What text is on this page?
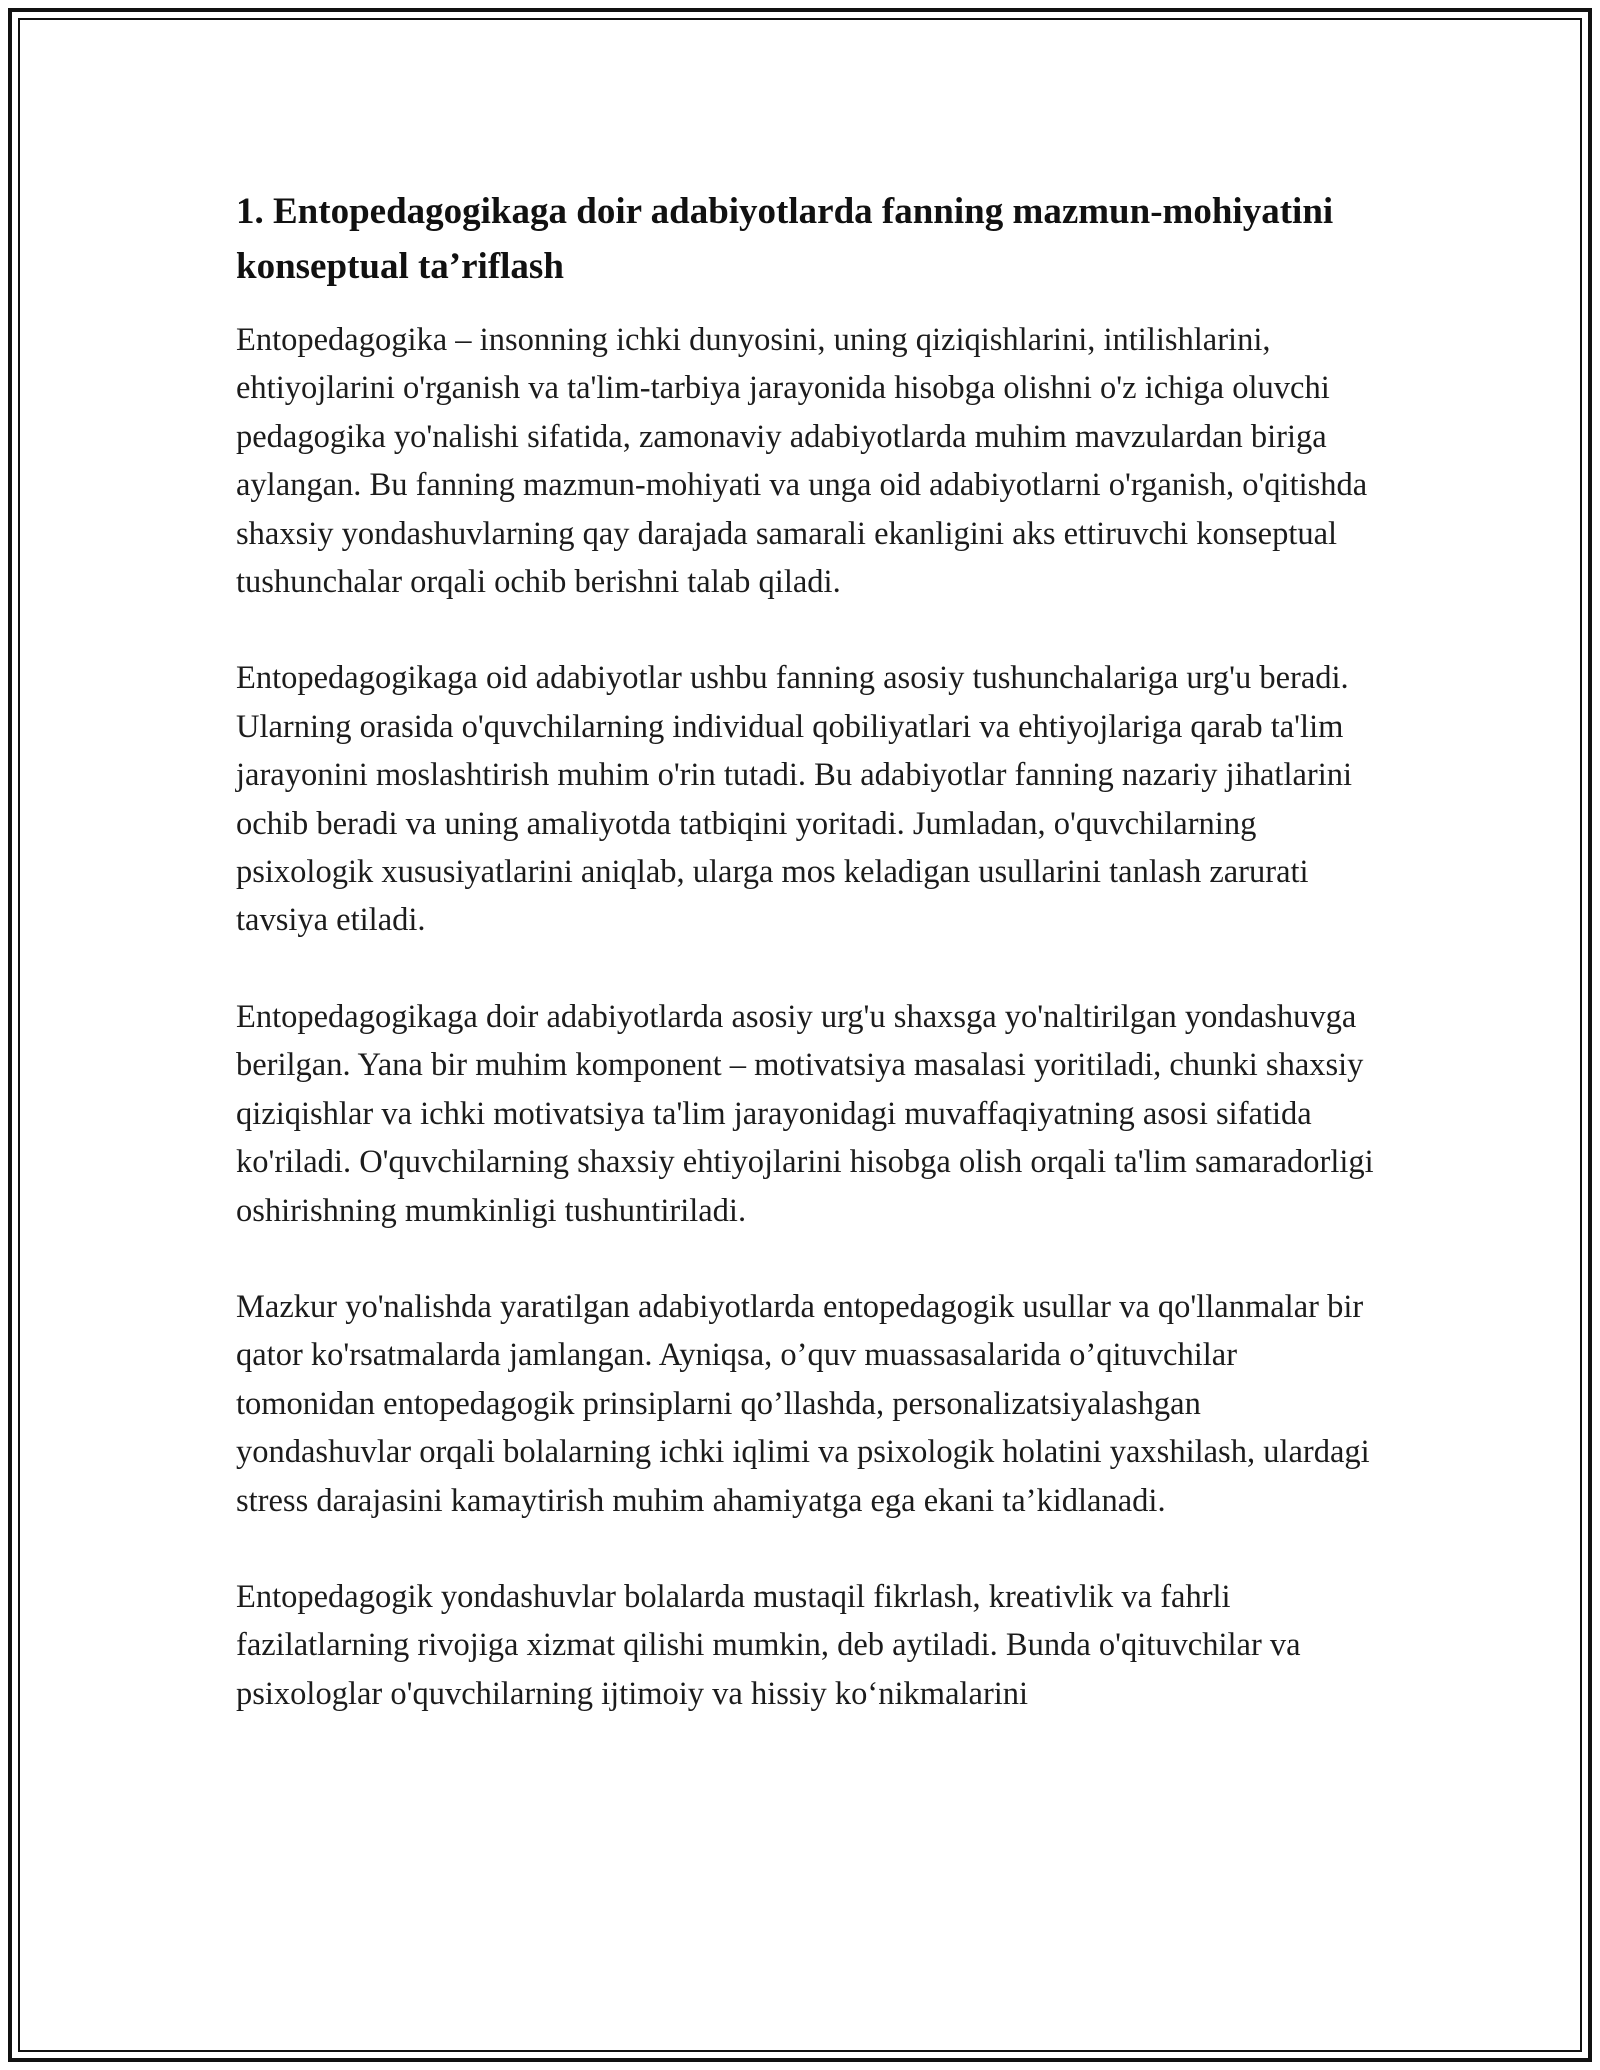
1. Entopedagogikaga doir adabiyotlarda fanning mazmun-mohiyatini konseptual ta’riflash

Entopedagogika – insonning ichki dunyosini, uning qiziqishlarini, intilishlarini, ehtiyojlarini o'rganish va ta'lim-tarbiya jarayonida hisobga olishni o'z ichiga oluvchi pedagogika yo'nalishi sifatida, zamonaviy adabiyotlarda muhim mavzulardan biriga aylangan. Bu fanning mazmun-mohiyati va unga oid adabiyotlarni o'rganish, o'qitishda shaxsiy yondashuvlarning qay darajada samarali ekanligini aks ettiruvchi konseptual tushunchalar orqali ochib berishni talab qiladi.

Entopedagogikaga oid adabiyotlar ushbu fanning asosiy tushunchalariga urg'u beradi. Ularning orasida o'quvchilarning individual qobiliyatlari va ehtiyojlariga qarab ta'lim jarayonini moslashtirish muhim o'rin tutadi. Bu adabiyotlar fanning nazariy jihatlarini ochib beradi va uning amaliyotda tatbiqini yoritadi. Jumladan, o'quvchilarning psixologik xususiyatlarini aniqlab, ularga mos keladigan usullarini tanlash zarurati tavsiya etiladi.

Entopedagogikaga doir adabiyotlarda asosiy urg'u shaxsga yo'naltirilgan yondashuvga berilgan. Yana bir muhim komponent – motivatsiya masalasi yoritiladi, chunki shaxsiy qiziqishlar va ichki motivatsiya ta'lim jarayonidagi muvaffaqiyatning asosi sifatida ko'riladi. O'quvchilarning shaxsiy ehtiyojlarini hisobga olish orqali ta'lim samaradorligi oshirishning mumkinligi tushuntiriladi.

Mazkur yo'nalishda yaratilgan adabiyotlarda entopedagogik usullar va qo'llanmalar bir qator ko'rsatmalarda jamlangan. Ayniqsa, o’quv muassasalarida o’qituvchilar tomonidan entopedagogik prinsiplarni qo’llashda, personalizatsiyalashgan yondashuvlar orqali bolalarning ichki iqlimi va psixologik holatini yaxshilash, ulardagi stress darajasini kamaytirish muhim ahamiyatga ega ekani ta’kidlanadi.

Entopedagogik yondashuvlar bolalarda mustaqil fikrlash, kreativlik va fahrli fazilatlarning rivojiga xizmat qilishi mumkin, deb aytiladi. Bunda o'qituvchilar va psixologlar o'quvchilarning ijtimoiy va hissiy ko‘nikmalarini
